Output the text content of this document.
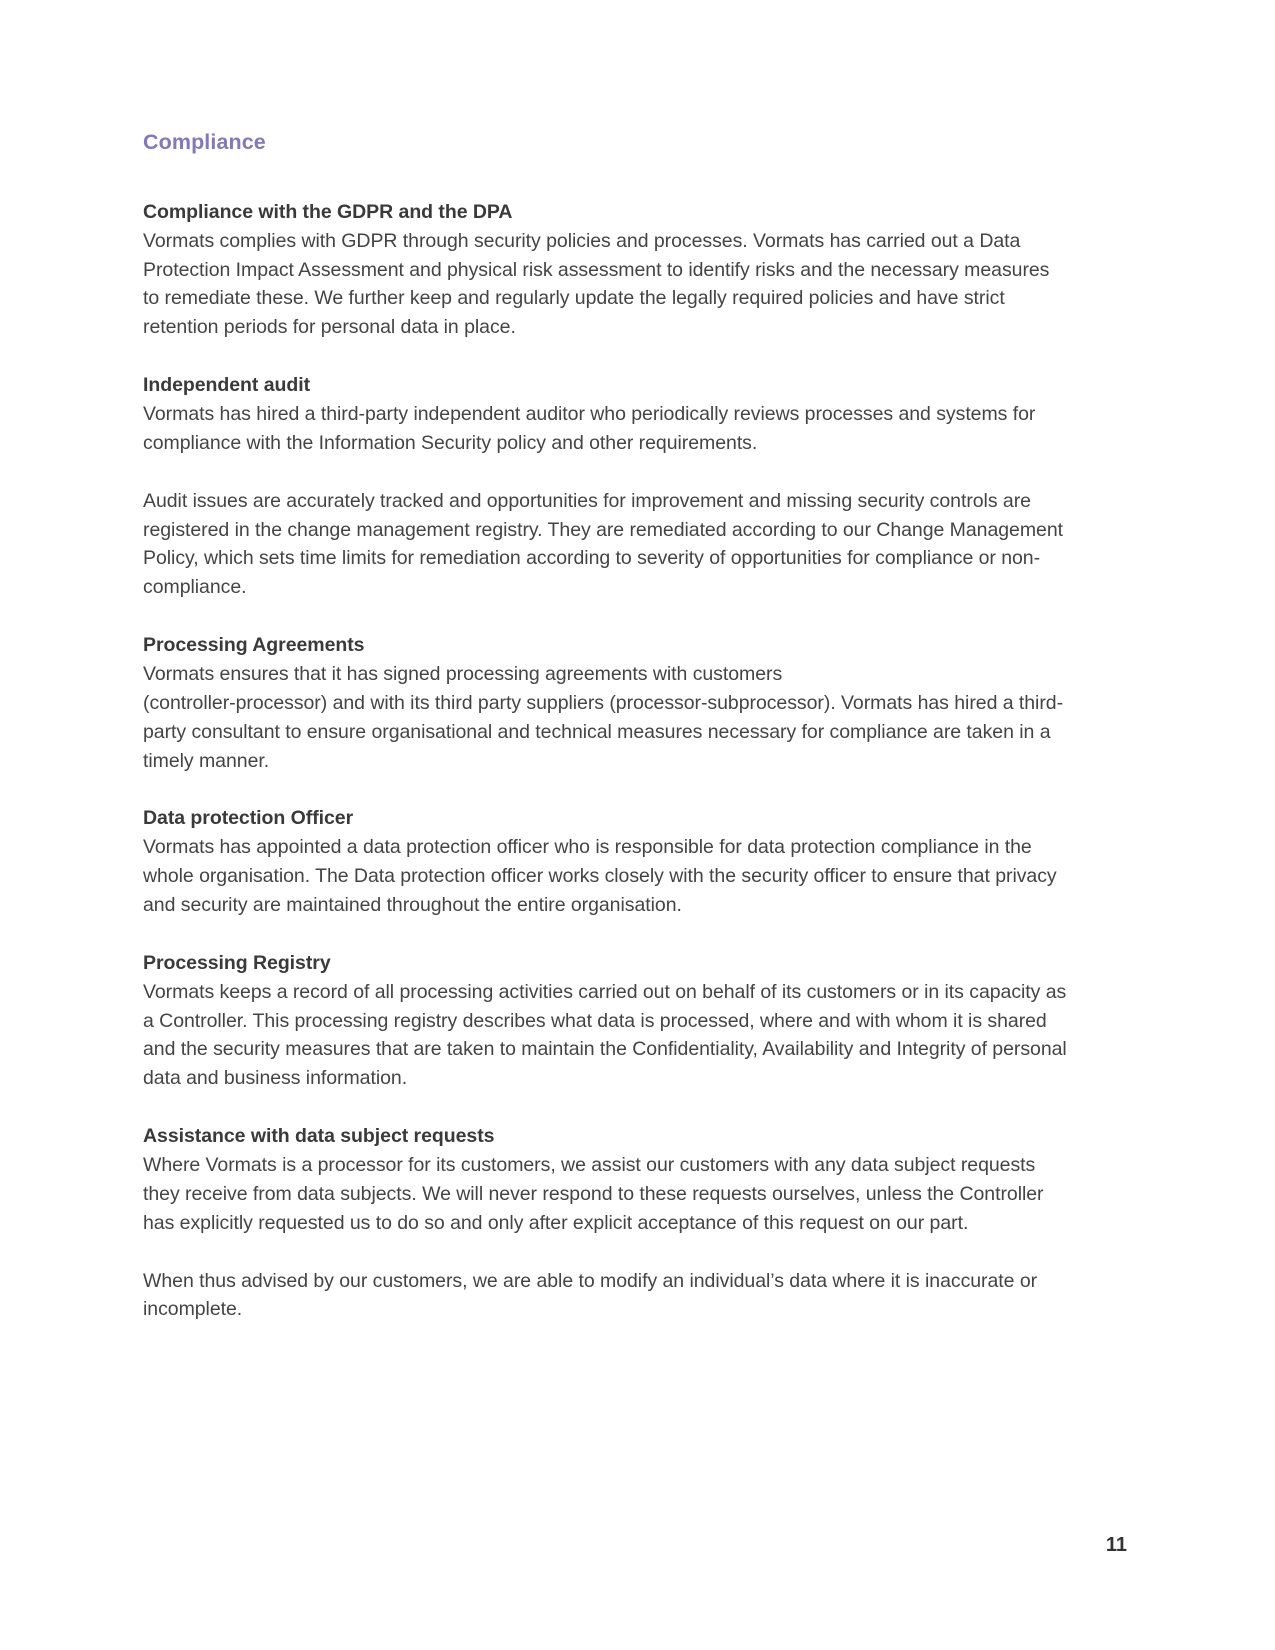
Compliance
Compliance with the GDPR and the DPA

Vormats complies with GDPR through security policies and processes. Vormats has carried out a Data Protection Impact Assessment and physical risk assessment to identify risks and the necessary measures to remediate these. We further keep and regularly update the legally required policies and have strict retention periods for personal data in place.

Independent audit

Vormats has hired a third-party independent auditor who periodically reviews processes and systems for compliance with the Information Security policy and other requirements.

Audit issues are accurately tracked and opportunities for improvement and missing security controls are registered in the change management registry. They are remediated according to our Change Management Policy, which sets time limits for remediation according to severity of opportunities for compliance or non-compliance.

Processing Agreements

Vormats ensures that it has signed processing agreements with customers

(controller-processor) and with its third party suppliers (processor-subprocessor). Vormats has hired a third-party consultant to ensure organisational and technical measures necessary for compliance are taken in a timely manner.

Data protection Officer

Vormats has appointed a data protection officer who is responsible for data protection compliance in the whole organisation. The Data protection officer works closely with the security officer to ensure that privacy and security are maintained throughout the entire organisation.

Processing Registry

Vormats keeps a record of all processing activities carried out on behalf of its customers or in its capacity as a Controller. This processing registry describes what data is processed, where and with whom it is shared and the security measures that are taken to maintain the Confidentiality, Availability and Integrity of personal data and business information.

Assistance with data subject requests

Where Vormats is a processor for its customers, we assist our customers with any data subject requests they receive from data subjects. We will never respond to these requests ourselves, unless the Controller has explicitly requested us to do so and only after explicit acceptance of this request on our part.

When thus advised by our customers, we are able to modify an individual’s data where it is inaccurate or incomplete.

11
